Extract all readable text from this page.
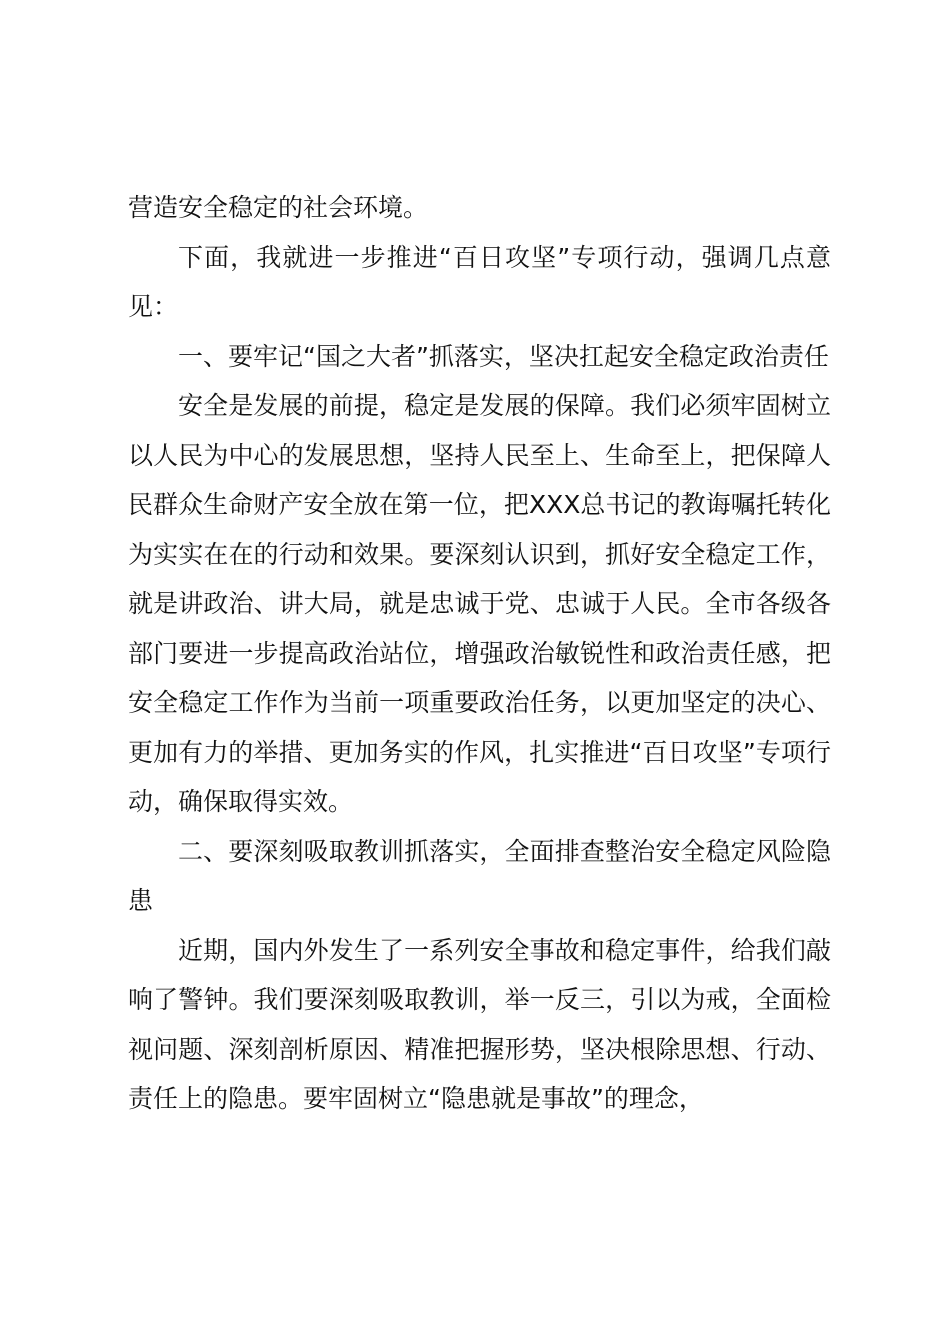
营造安全稳定的社会环境。

下面，我就进一步推进“百日攻坚”专项行动，强调几点意见：

一、要牢记“国之大者”抓落实，坚决扛起安全稳定政治责任

安全是发展的前提，稳定是发展的保障。我们必须牢固树立以人民为中心的发展思想，坚持人民至上、生命至上，把保障人民群众生命财产安全放在第一位，把XXX总书记的教诲嘱托转化为实实在在的行动和效果。要深刻认识到，抓好安全稳定工作，就是讲政治、讲大局，就是忠诚于党、忠诚于人民。全市各级各部门要进一步提高政治站位，增强政治敏锐性和政治责任感，把安全稳定工作作为当前一项重要政治任务，以更加坚定的决心、更加有力的举措、更加务实的作风，扎实推进“百日攻坚”专项行动，确保取得实效。

二、要深刻吸取教训抓落实，全面排查整治安全稳定风险隐患

近期，国内外发生了一系列安全事故和稳定事件，给我们敲响了警钟。我们要深刻吸取教训，举一反三，引以为戒，全面检视问题、深刻剖析原因、精准把握形势，坚决根除思想、行动、责任上的隐患。要牢固树立“隐患就是事故”的理念，
